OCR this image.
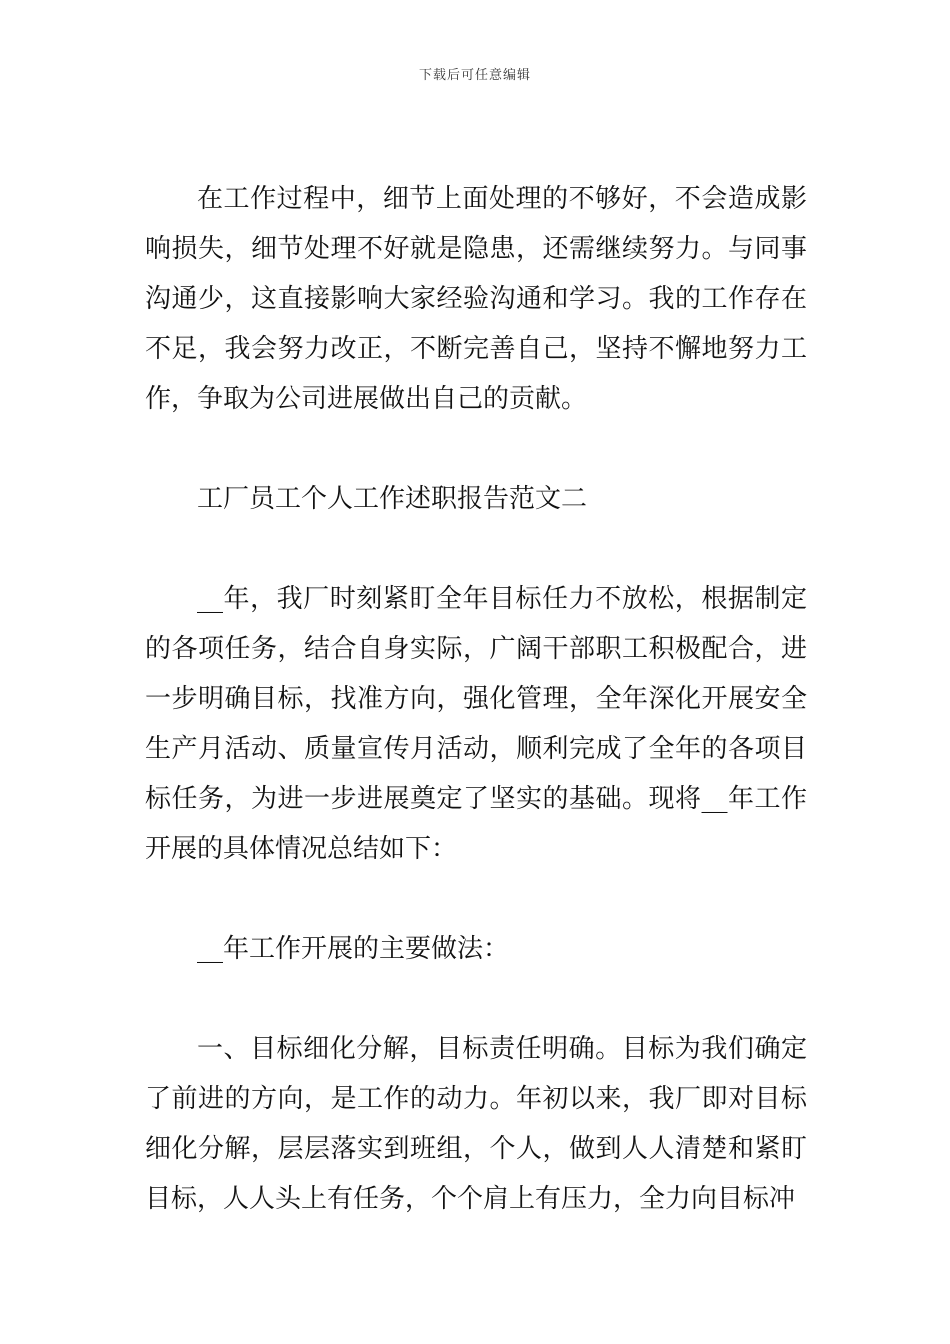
下载后可任意编辑

在工作过程中，细节上面处理的不够好，不会造成影响损失，细节处理不好就是隐患，还需继续努力。与同事沟通少，这直接影响大家经验沟通和学习。我的工作存在不足，我会努力改正，不断完善自己，坚持不懈地努力工作，争取为公司进展做出自己的贡献。

工厂员工个人工作述职报告范文二

__年，我厂时刻紧盯全年目标任力不放松，根据制定的各项任务，结合自身实际，广阔干部职工积极配合，进一步明确目标，找准方向，强化管理，全年深化开展安全生产月活动、质量宣传月活动，顺利完成了全年的各项目标任务，为进一步进展奠定了坚实的基础。现将__年工作开展的具体情况总结如下：

__年工作开展的主要做法：

一、目标细化分解，目标责任明确。目标为我们确定了前进的方向，是工作的动力。年初以来，我厂即对目标细化分解，层层落实到班组，个人，做到人人清楚和紧盯目标，人人头上有任务，个个肩上有压力，全力向目标冲
